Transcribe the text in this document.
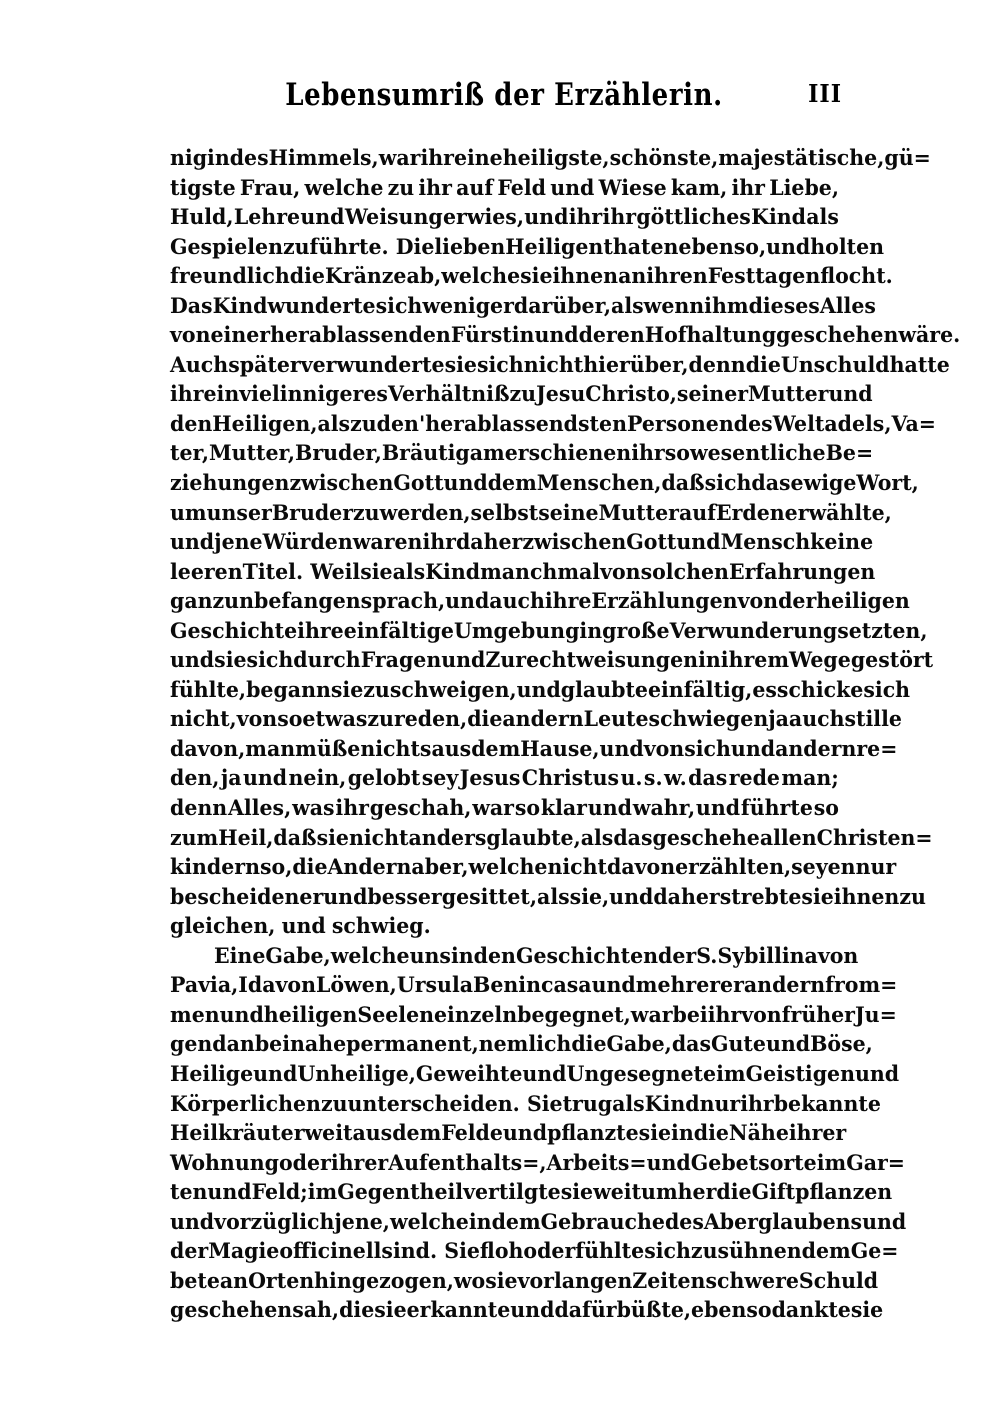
Lebensumriß der Erzählerin.	III
nigin des Himmels, war ihr eine heiligste, schönste, majestätische, gü=
tigste Frau, welche zu ihr auf Feld und Wiese kam, ihr Liebe,
Huld, Lehre und Weisung erwies, und ihr ihr göttliches Kind als
Gespielen zuführte.
Die lieben Heiligen thaten eben so, und holten
freundlich die Kränze ab, welche sie ihnen an ihren Festtagen flocht.
Das Kind wunderte sich weniger darüber, als wenn ihm dieses Alles
von einer herablassenden Fürstin und deren Hofhaltung geschehen wäre.
Auch später verwunderte sie sich nicht hierüber, denn die Unschuld hatte
ihr ein viel innigeres Verhältniß zu Jesu Christo, seiner Mutter und
den Heiligen, als zu den' herablassendsten Personen des Weltadels, Va=
ter, Mutter, Bruder, Bräutigam erschienen ihr so wesentliche Be=
ziehungen zwischen Gott und dem Menschen, daß sich das ewige Wort,
um unser Bruder zu werden, selbst seine Mutter auf Erden erwählte,
und jene Würden waren ihr daher zwischen Gott und Mensch keine
leeren Titel.
Weil sie als Kind manchmal von solchen Erfahrungen
ganz unbefangen sprach, und auch ihre Erzählungen von der heiligen
Geschichte ihre einfältige Umgebung in große Verwunderung setzten,
und sie sich durch Fragen und Zurechtweisungen in ihrem Wege gestört
fühlte, begann sie zu schweigen, und glaubte einfältig, es schicke sich
nicht, von so etwas zu reden, die andern Leute schwiegen ja auch stille
davon, man müße nichts aus dem Hause, und von sich und andern re=
den, ja und nein, gelobt sey Jesus Christus u. s. w. das rede man;
denn Alles, was ihr geschah, war so klar und wahr, und führte so
zum Heil, daß sie nicht anders glaubte, als das geschehe allen Christen=
kindern so, die Andern aber, welche nicht davon erzählten, seyen nur
bescheidener und besser gesittet, als sie, und daher strebte sie ihnen zu
gleichen, und schwieg.
Eine Gabe, welche uns in den Geschichten der S. Sybillina von
Pavia, Ida von Löwen, Ursula Benincasa und mehrerer andern from=
men und heiligen Seelen einzeln begegnet, war bei ihr von früher Ju=
gend an beinahe permanent, nemlich die Gabe, das Gute und Böse,
Heilige und Unheilige, Geweihte und Ungesegnete im Geistigen und
Körperlichen zu unterscheiden.
Sie trug als Kind nur ihr bekannte
Heilkräuter weit aus dem Felde und pflanzte sie in die Nähe ihrer
Wohnung oder ihrer Aufenthalts =, Arbeits= und Gebetsorte im Gar=
ten und Feld; im Gegentheil vertilgte sie weit umher die Giftpflanzen
und vorzüglich jene, welche in dem Gebrauche des Aberglaubens und
der Magie officinell sind.
Sie floh oder fühlte sich zu sühnendem Ge=
bete an Orten hingezogen, wo sie vor langen Zeiten schwere Schuld
geschehen sah, die sie erkannte und dafür büßte, eben so dankte sie
